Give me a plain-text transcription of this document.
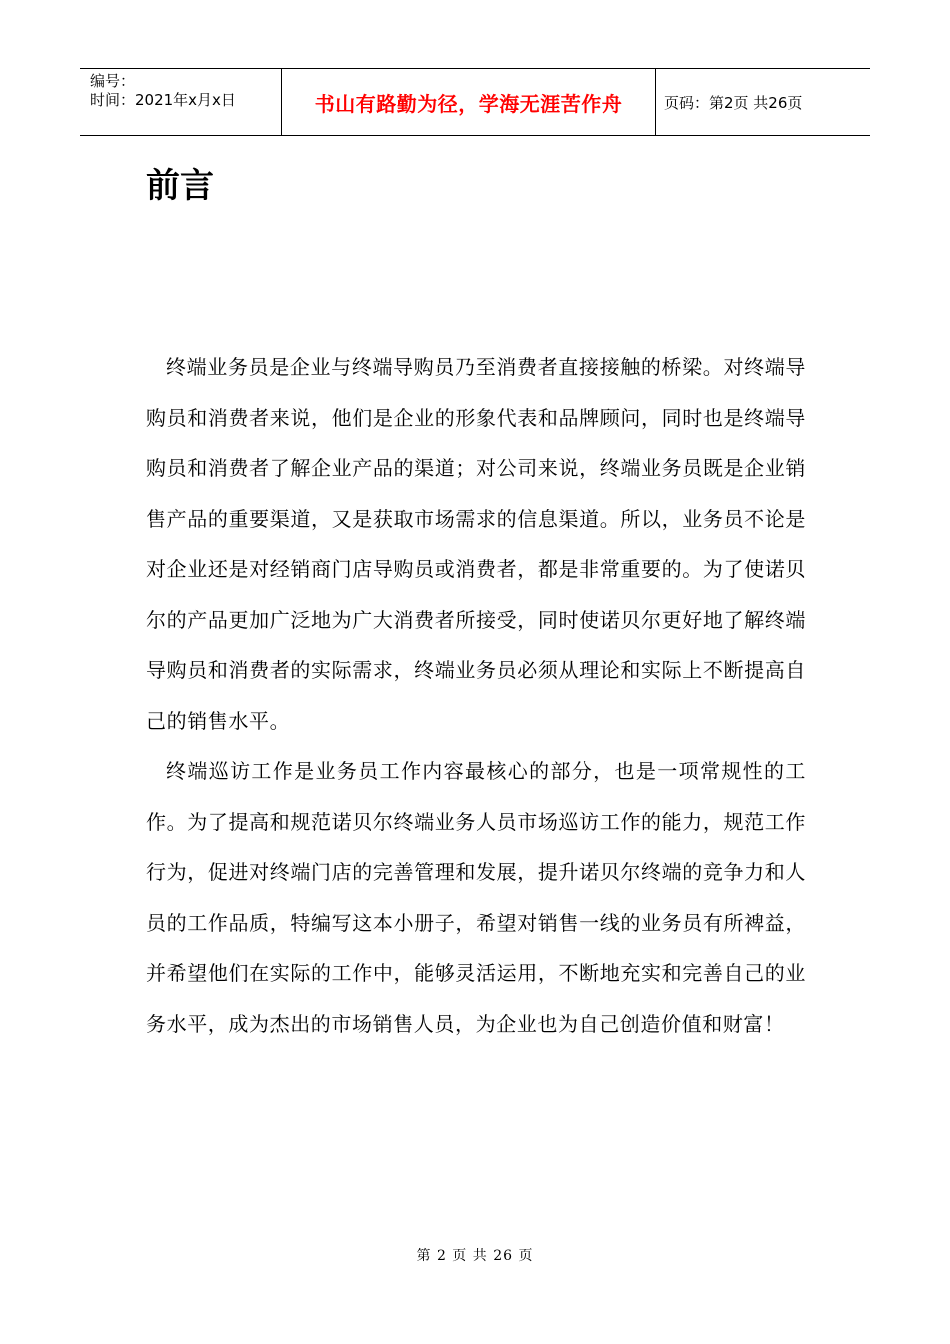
编号：
时间：2021年x月x日	书山有路勤为径，学海无涯苦作舟	页码：第2页 共26页
前言

终端业务员是企业与终端导购员乃至消费者直接接触的桥梁。对终端导购员和消费者来说，他们是企业的形象代表和品牌顾问，同时也是终端导购员和消费者了解企业产品的渠道；对公司来说，终端业务员既是企业销售产品的重要渠道，又是获取市场需求的信息渠道。所以，业务员不论是对企业还是对经销商门店导购员或消费者，都是非常重要的。为了使诺贝尔的产品更加广泛地为广大消费者所接受，同时使诺贝尔更好地了解终端导购员和消费者的实际需求，终端业务员必须从理论和实际上不断提高自己的销售水平。

终端巡访工作是业务员工作内容最核心的部分，也是一项常规性的工作。为了提高和规范诺贝尔终端业务人员市场巡访工作的能力，规范工作行为，促进对终端门店的完善管理和发展，提升诺贝尔终端的竞争力和人员的工作品质，特编写这本小册子，希望对销售一线的业务员有所裨益，并希望他们在实际的工作中，能够灵活运用，不断地充实和完善自己的业务水平，成为杰出的市场销售人员，为企业也为自己创造价值和财富！

第 2 页 共 26 页
